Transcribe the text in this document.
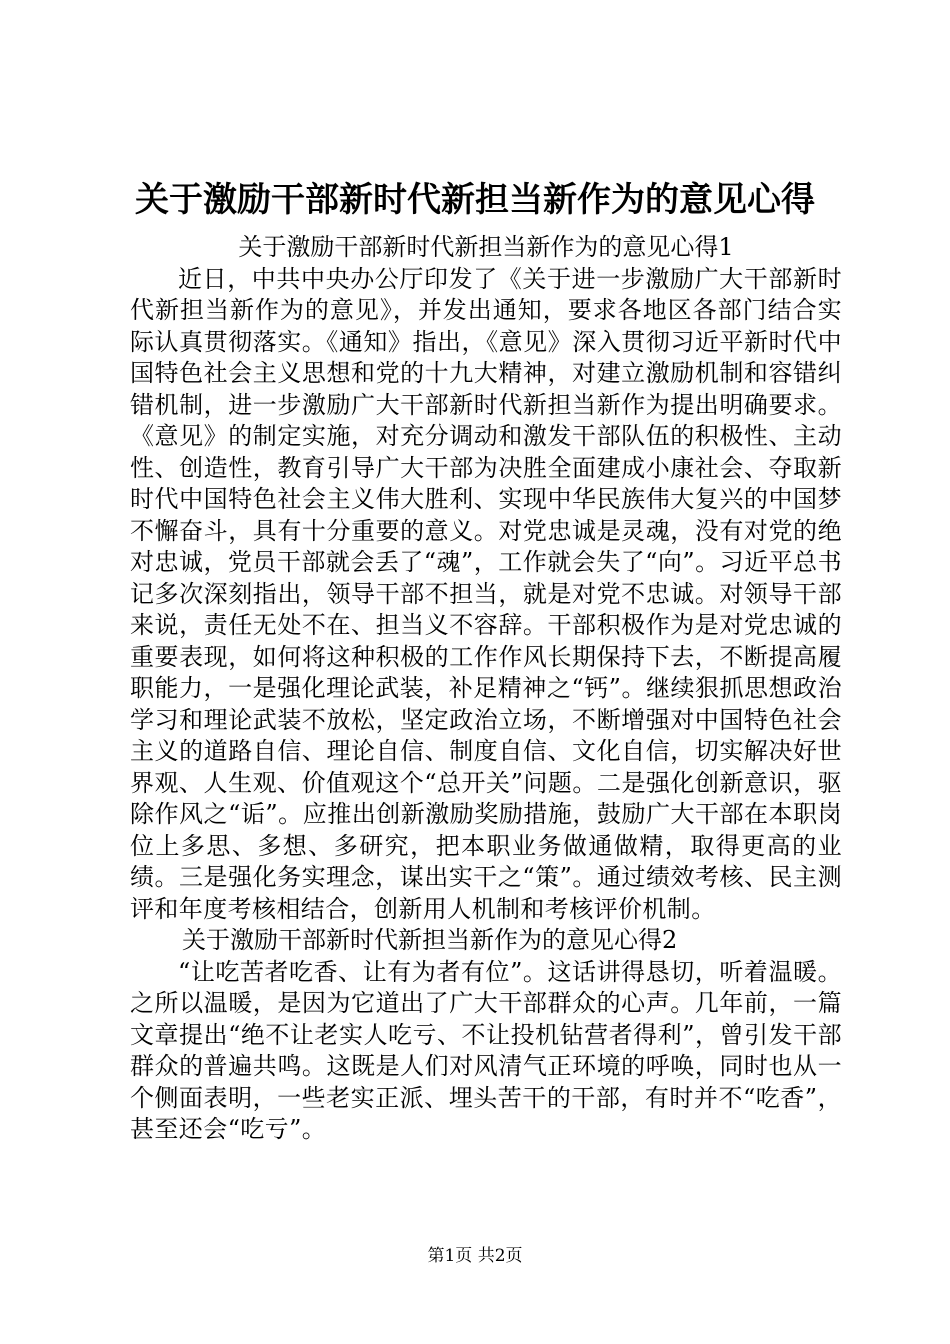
关于激励干部新时代新担当新作为的意见心得

关于激励干部新时代新担当新作为的意见心得1

近日，中共中央办公厅印发了《关于进一步激励广大干部新时代新担当新作为的意见》，并发出通知，要求各地区各部门结合实际认真贯彻落实。《通知》指出，《意见》深入贯彻习近平新时代中国特色社会主义思想和党的十九大精神，对建立激励机制和容错纠错机制，进一步激励广大干部新时代新担当新作为提出明确要求。《意见》的制定实施，对充分调动和激发干部队伍的积极性、主动性、创造性，教育引导广大干部为决胜全面建成小康社会、夺取新时代中国特色社会主义伟大胜利、实现中华民族伟大复兴的中国梦不懈奋斗，具有十分重要的意义。对党忠诚是灵魂，没有对党的绝对忠诚，党员干部就会丢了“魂”，工作就会失了“向”。习近平总书记多次深刻指出，领导干部不担当，就是对党不忠诚。对领导干部来说，责任无处不在、担当义不容辞。干部积极作为是对党忠诚的重要表现，如何将这种积极的工作作风长期保持下去，不断提高履职能力，一是强化理论武装，补足精神之“钙”。继续狠抓思想政治学习和理论武装不放松，坚定政治立场，不断增强对中国特色社会主义的道路自信、理论自信、制度自信、文化自信，切实解决好世界观、人生观、价值观这个“总开关”问题。二是强化创新意识，驱除作风之“诟”。应推出创新激励奖励措施，鼓励广大干部在本职岗位上多思、多想、多研究，把本职业务做通做精，取得更高的业绩。三是强化务实理念，谋出实干之“策”。通过绩效考核、民主测评和年度考核相结合，创新用人机制和考核评价机制。

关于激励干部新时代新担当新作为的意见心得2

“让吃苦者吃香、让有为者有位”。这话讲得恳切，听着温暖。之所以温暖，是因为它道出了广大干部群众的心声。几年前，一篇文章提出“绝不让老实人吃亏、不让投机钻营者得利”，曾引发干部群众的普遍共鸣。这既是人们对风清气正环境的呼唤，同时也从一个侧面表明，一些老实正派、埋头苦干的干部，有时并不“吃香”，甚至还会“吃亏”。

第1页 共2页
